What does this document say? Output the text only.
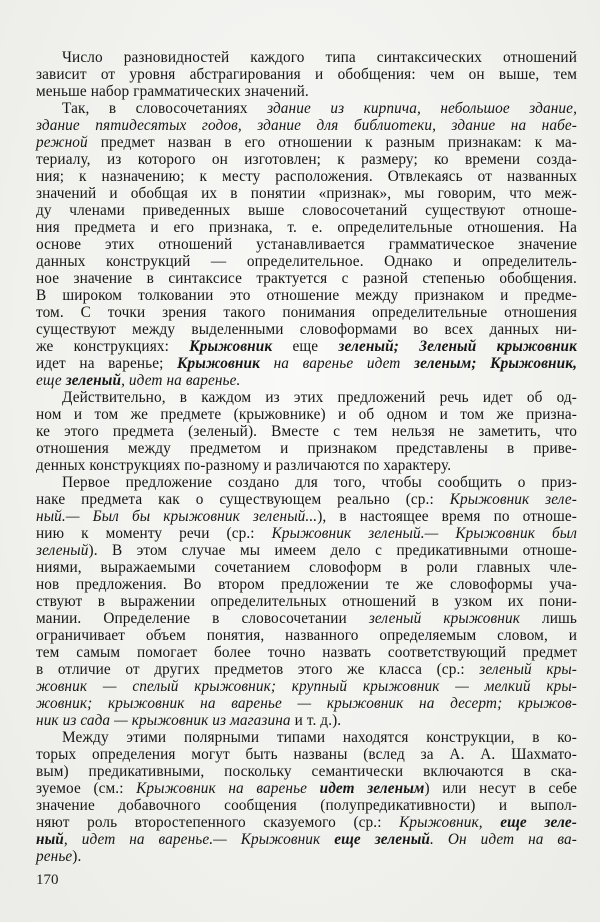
Число разновидностей каждого типа синтаксических отношений
зависит от уровня абстрагирования и обобщения: чем он выше, тем
меньше набор грамматических значений.
Так, в словосочетаниях здание из кирпича, небольшое здание,
здание пятидесятых годов, здание для библиотеки, здание на набе-
режной предмет назван в его отношении к разным признакам: к ма-
териалу, из которого он изготовлен; к размеру; ко времени созда-
ния; к назначению; к месту расположения. Отвлекаясь от названных
значений и обобщая их в понятии «признак», мы говорим, что меж-
ду членами приведенных выше словосочетаний существуют отноше-
ния предмета и его признака, т. е. определительные отношения. На
основе этих отношений устанавливается грамматическое значение
данных конструкций — определительное. Однако и определитель-
ное значение в синтаксисе трактуется с разной степенью обобщения.
В широком толковании это отношение между признаком и предме-
том. С точки зрения такого понимания определительные отношения
существуют между выделенными словоформами во всех данных ни-
же конструкциях: Крыжовник еще зеленый; Зеленый крыжовник
идет на варенье; Крыжовник на варенье идет зеленым; Крыжовник,
еще зеленый, идет на варенье.
Действительно, в каждом из этих предложений речь идет об од-
ном и том же предмете (крыжовнике) и об одном и том же призна-
ке этого предмета (зеленый). Вместе с тем нельзя не заметить, что
отношения между предметом и признаком представлены в приве-
денных конструкциях по-разному и различаются по характеру.
Первое предложение создано для того, чтобы сообщить о приз-
наке предмета как о существующем реально (ср.: Крыжовник зеле-
ный.— Был бы крыжовник зеленый...), в настоящее время по отноше-
нию к моменту речи (ср.: Крыжовник зеленый.— Крыжовник был
зеленый). В этом случае мы имеем дело с предикативными отноше-
ниями, выражаемыми сочетанием словоформ в роли главных чле-
нов предложения. Во втором предложении те же словоформы уча-
ствуют в выражении определительных отношений в узком их пони-
мании. Определение в словосочетании зеленый крыжовник лишь
ограничивает объем понятия, названного определяемым словом, и
тем самым помогает более точно назвать соответствующий предмет
в отличие от других предметов этого же класса (ср.: зеленый кры-
жовник — спелый крыжовник; крупный крыжовник — мелкий кры-
жовник; крыжовник на варенье — крыжовник на десерт; крыжов-
ник из сада — крыжовник из магазина и т. д.).
Между этими полярными типами находятся конструкции, в ко-
торых определения могут быть названы (вслед за А. А. Шахмато-
вым) предикативными, поскольку семантически включаются в ска-
зуемое (см.: Крыжовник на варенье идет зеленым) или несут в себе
значение добавочного сообщения (полупредикативности) и выпол-
няют роль второстепенного сказуемого (ср.: Крыжовник, еще зеле-
ный, идет на варенье.— Крыжовник еще зеленый. Он идет на ва-
ренье).
170
